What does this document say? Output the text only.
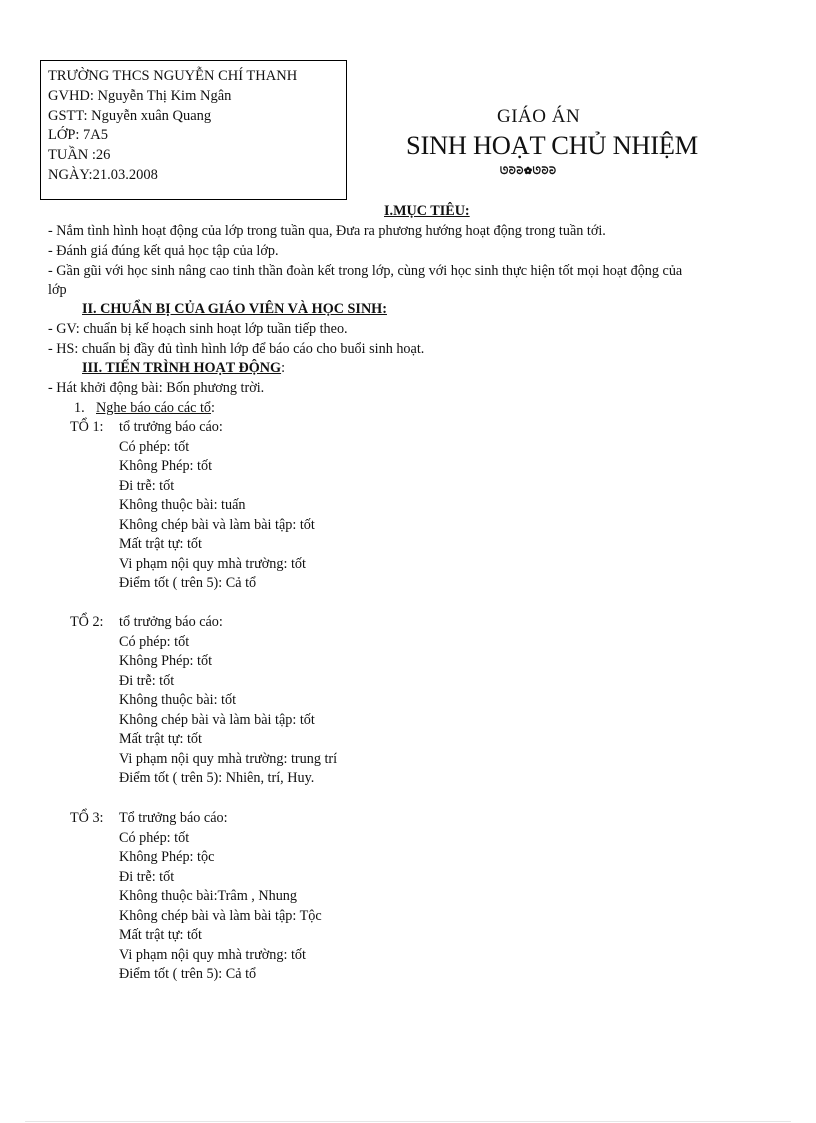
TRƯỜNG THCS NGUYỄN CHÍ THANH
GVHD: Nguyễn Thị Kim Ngân
GSTT: Nguyễn xuân Quang
LỚP: 7A5
TUẦN :26
NGÀY:21.03.2008
GIÁO ÁN
SINH HOẠT CHỦ NHIỆM
ᘎᘐᘒ✿ᘎᘐᘒ
I.MỤC TIÊU:
- Nắm tình hình hoạt động của lớp trong tuần qua, Đưa ra phương hướng hoạt động trong tuần tới.
- Đánh giá đúng kết quả học tập của lớp.
- Gần gũi với học sinh nâng cao tinh thần đoàn kết trong lớp, cùng với học sinh thực hiện tốt mọi hoạt động của
lớp
II. CHUẨN BỊ CỦA GIÁO VIÊN VÀ HỌC SINH:
- GV: chuẩn bị kế hoạch sinh hoạt lớp tuần tiếp theo.
- HS: chuẩn bị đầy đủ tình hình lớp để báo cáo cho buổi sinh hoạt.
III. TIẾN TRÌNH HOẠT ĐỘNG:
- Hát khởi động bài: Bốn phương trời.
1. Nghe báo cáo các tổ:
TỔ 1: tổ trưởng báo cáo:
Có phép: tốt
Không Phép: tốt
Đi trễ: tốt
Không thuộc bài: tuấn
Không chép bài và làm bài tập: tốt
Mất trật tự: tốt
Vi phạm nội quy mhà trường: tốt
Điểm tốt ( trên 5): Cả tổ
TỔ 2: tổ trưởng báo cáo:
Có phép: tốt
Không Phép: tốt
Đi trễ: tốt
Không thuộc bài: tốt
Không chép bài và làm bài tập: tốt
Mất trật tự: tốt
Vi phạm nội quy mhà trường: trung trí
Điểm tốt ( trên 5): Nhiên, trí, Huy.
TỔ 3: Tổ trưởng báo cáo:
Có phép: tốt
Không Phép: tộc
Đi trễ: tốt
Không thuộc bài:Trâm , Nhung
Không chép bài và làm bài tập: Tộc
Mất trật tự: tốt
Vi phạm nội quy mhà trường: tốt
Điểm tốt ( trên 5): Cả tổ
